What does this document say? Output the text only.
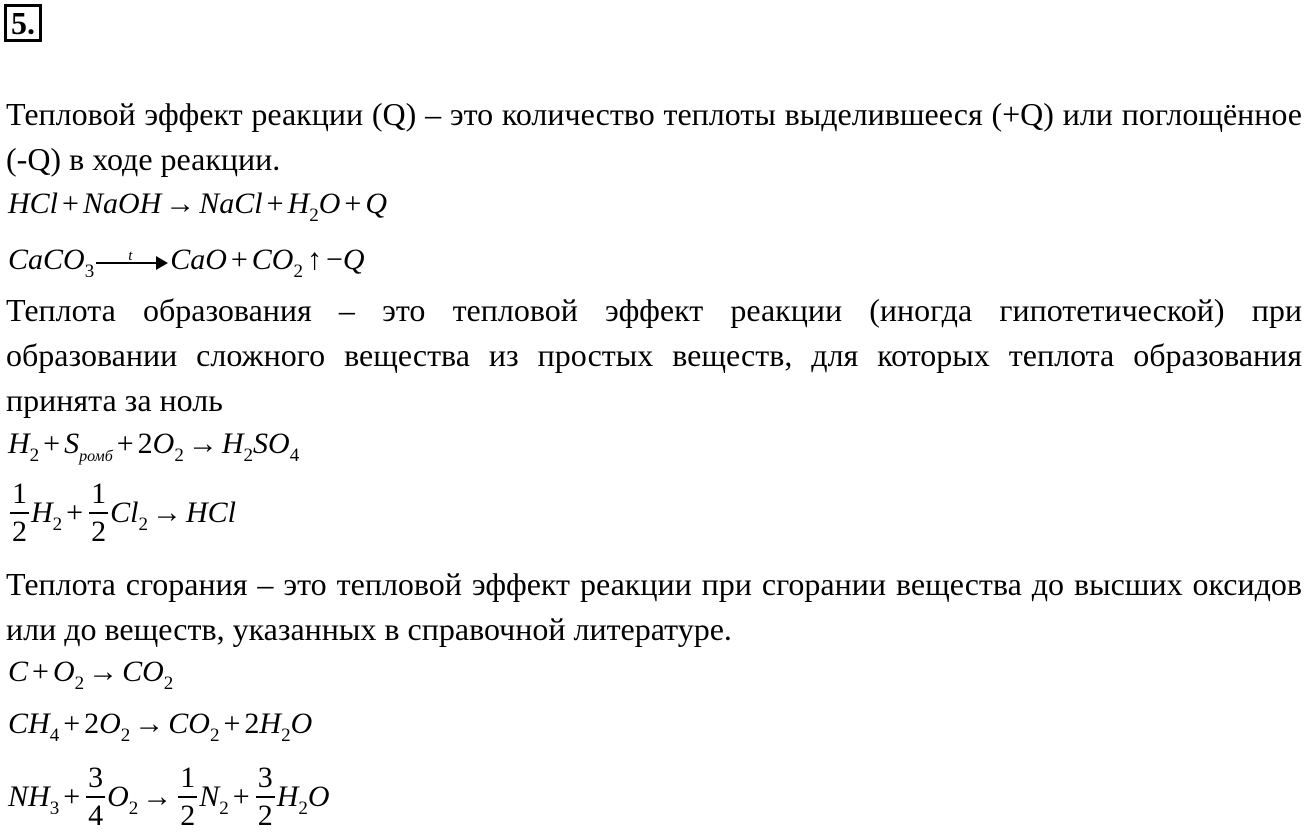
5.

Тепловой эффект реакции (Q) – это количество теплоты выделившееся (+Q) или поглощённое (-Q) в ходе реакции.

HCl + NaOH → NaCl + $H_2O + Q$
CaCO$_3$
t CaO + $CO_2$ ↑ −Q

Теплота образования – это тепловой эффект реакции (иногда гипотетической) при образовании сложного вещества из простых веществ, для которых теплота образования принята за ноль

$H_2 + S_{ромб} + 2O_2 \to H_2SO_4$
$\frac{1}{2} H_2 + \frac{1}{2} Cl_2$ → HCl

Теплота сгорания – это тепловой эффект реакции при сгорании вещества до высших оксидов или до веществ, указанных в справочной литературе.

$C + O_2 \to CO_2$
$CH_4 + 2O_2 \to CO_2 + 2H_2O$
$NH_3 + \frac{3}{4} O_2 \to \frac{1}{2} N_2 + \frac{3}{2} H_2O$
